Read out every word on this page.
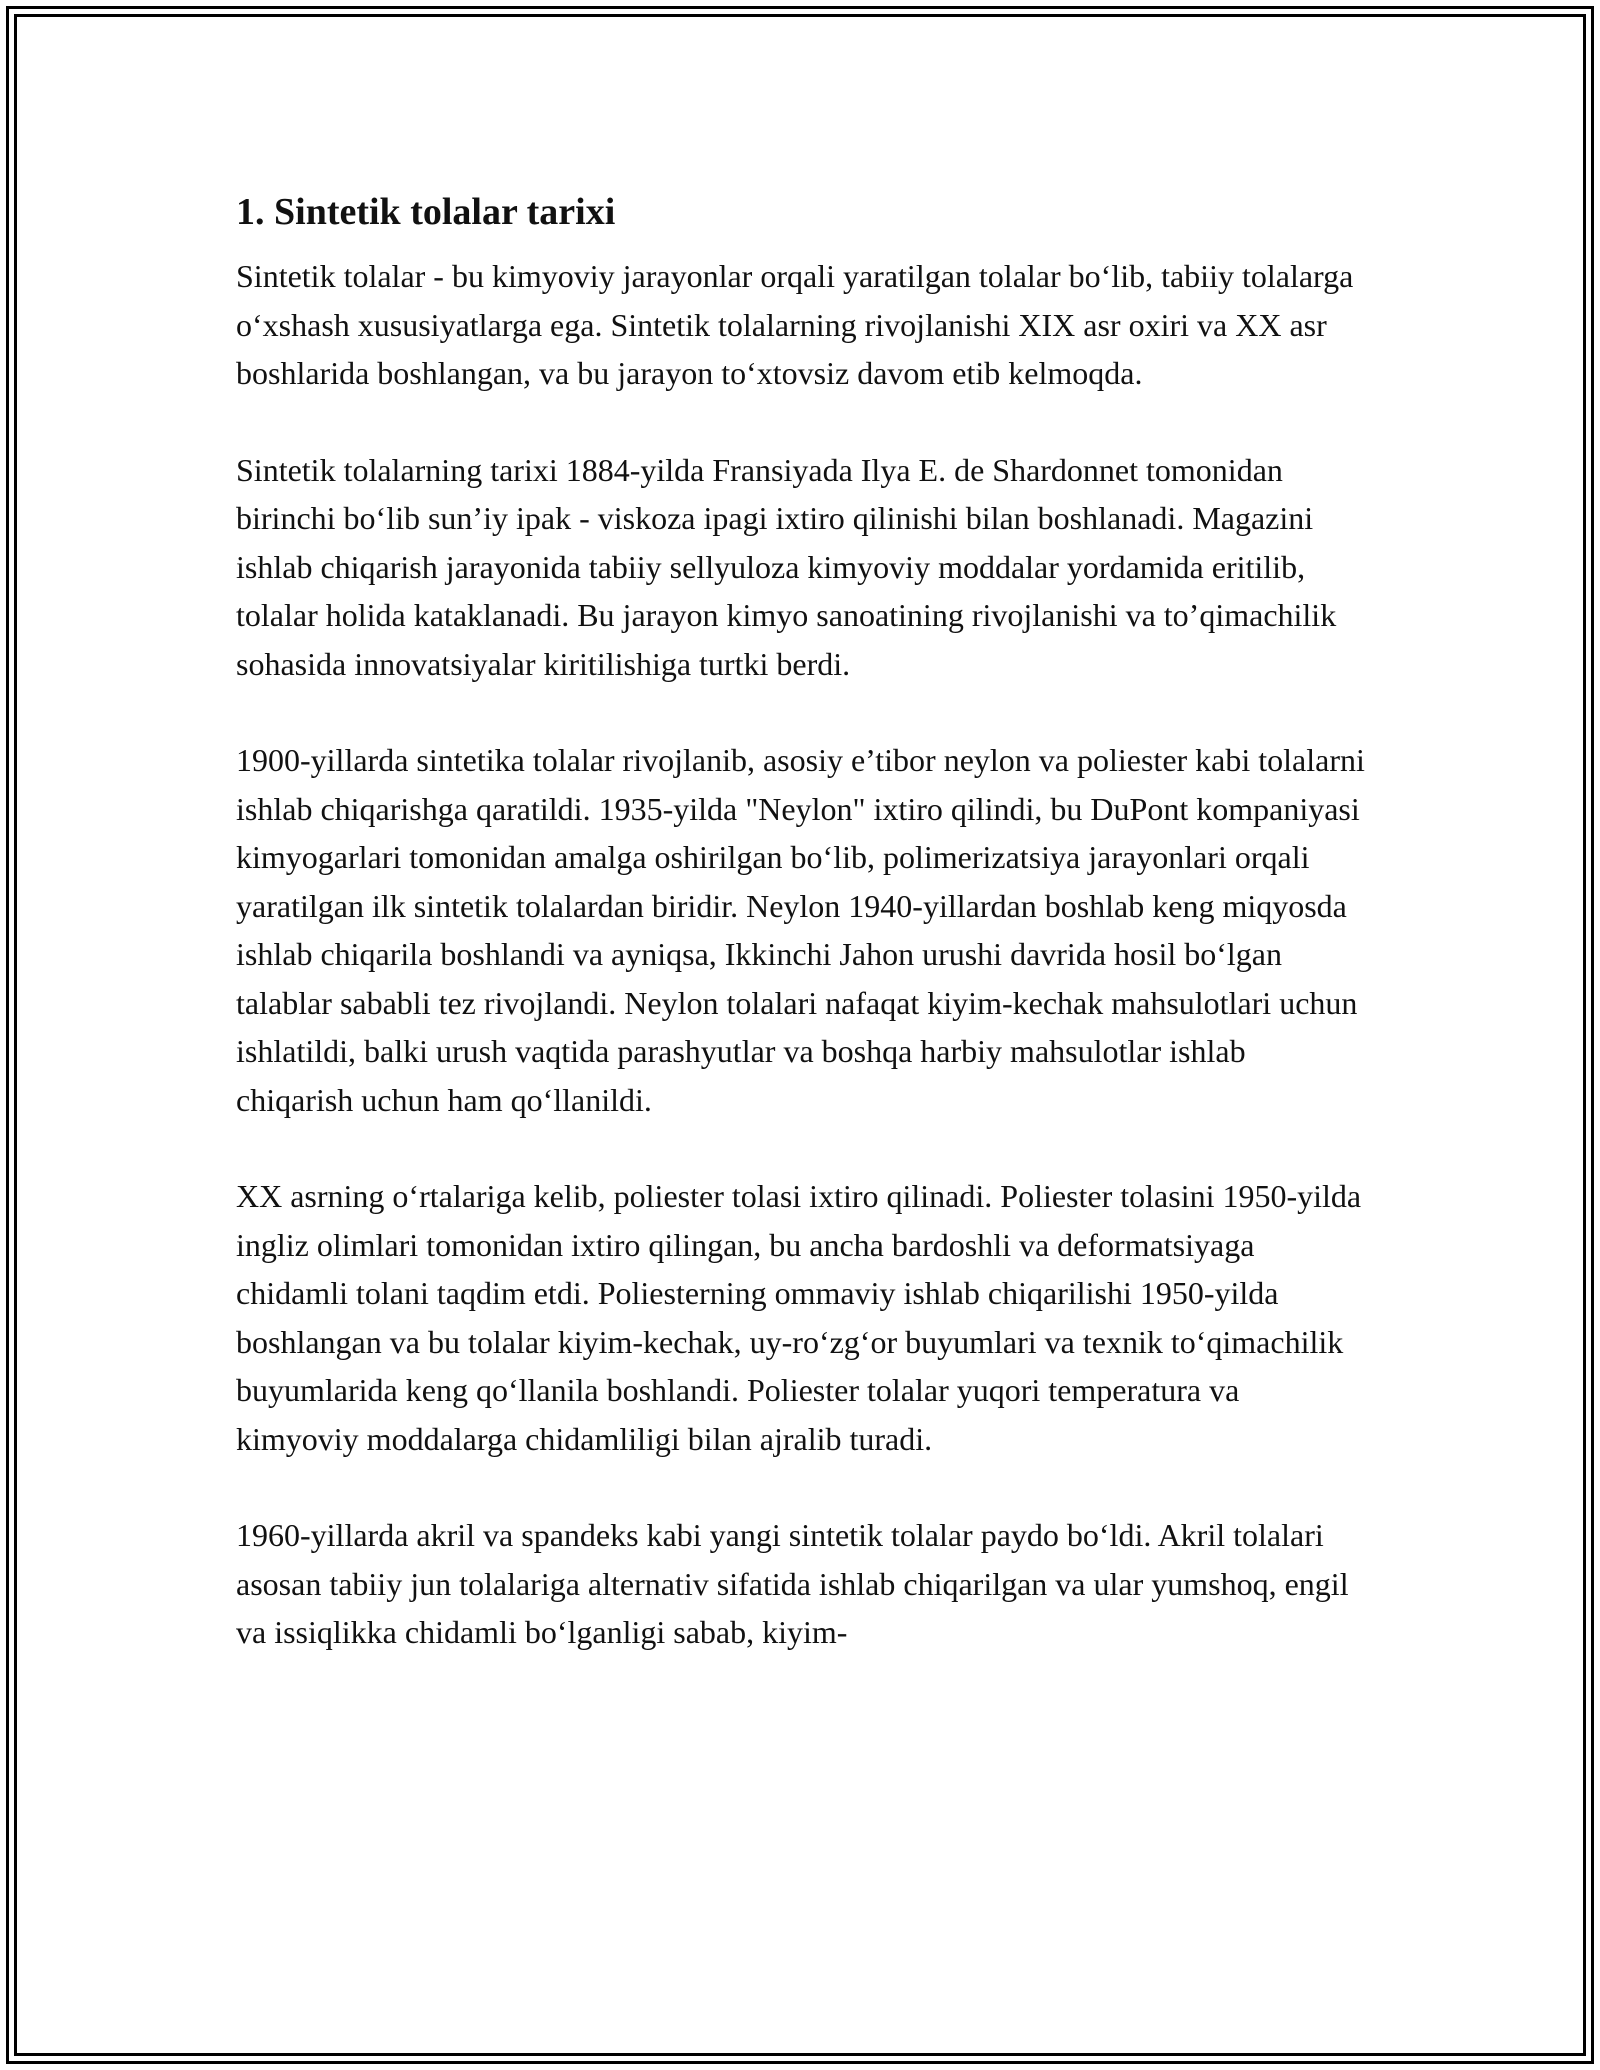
1. Sintetik tolalar tarixi

Sintetik tolalar - bu kimyoviy jarayonlar orqali yaratilgan tolalar bo‘lib, tabiiy tolalarga o‘xshash xususiyatlarga ega. Sintetik tolalarning rivojlanishi XIX asr oxiri va XX asr boshlarida boshlangan, va bu jarayon to‘xtovsiz davom etib kelmoqda.

Sintetik tolalarning tarixi 1884-yilda Fransiyada Ilya E. de Shardonnet tomonidan birinchi bo‘lib sun’iy ipak - viskoza ipagi ixtiro qilinishi bilan boshlanadi. Magazini ishlab chiqarish jarayonida tabiiy sellyuloza kimyoviy moddalar yordamida eritilib, tolalar holida kataklanadi. Bu jarayon kimyo sanoatining rivojlanishi va to’qimachilik sohasida innovatsiyalar kiritilishiga turtki berdi.

1900-yillarda sintetika tolalar rivojlanib, asosiy e’tibor neylon va poliester kabi tolalarni ishlab chiqarishga qaratildi. 1935-yilda "Neylon" ixtiro qilindi, bu DuPont kompaniyasi kimyogarlari tomonidan amalga oshirilgan bo‘lib, polimerizatsiya jarayonlari orqali yaratilgan ilk sintetik tolalardan biridir. Neylon 1940-yillardan boshlab keng miqyosda ishlab chiqarila boshlandi va ayniqsa, Ikkinchi Jahon urushi davrida hosil bo‘lgan talablar sababli tez rivojlandi. Neylon tolalari nafaqat kiyim-kechak mahsulotlari uchun ishlatildi, balki urush vaqtida parashyutlar va boshqa harbiy mahsulotlar ishlab chiqarish uchun ham qo‘llanildi.

XX asrning o‘rtalariga kelib, poliester tolasi ixtiro qilinadi. Poliester tolasini 1950-yilda ingliz olimlari tomonidan ixtiro qilingan, bu ancha bardoshli va deformatsiyaga chidamli tolani taqdim etdi. Poliesterning ommaviy ishlab chiqarilishi 1950-yilda boshlangan va bu tolalar kiyim-kechak, uy-ro‘zg‘or buyumlari va texnik to‘qimachilik buyumlarida keng qo‘llanila boshlandi. Poliester tolalar yuqori temperatura va kimyoviy moddalarga chidamliligi bilan ajralib turadi.

1960-yillarda akril va spandeks kabi yangi sintetik tolalar paydo bo‘ldi. Akril tolalari asosan tabiiy jun tolalariga alternativ sifatida ishlab chiqarilgan va ular yumshoq, engil va issiqlikka chidamli bo‘lganligi sabab, kiyim-
